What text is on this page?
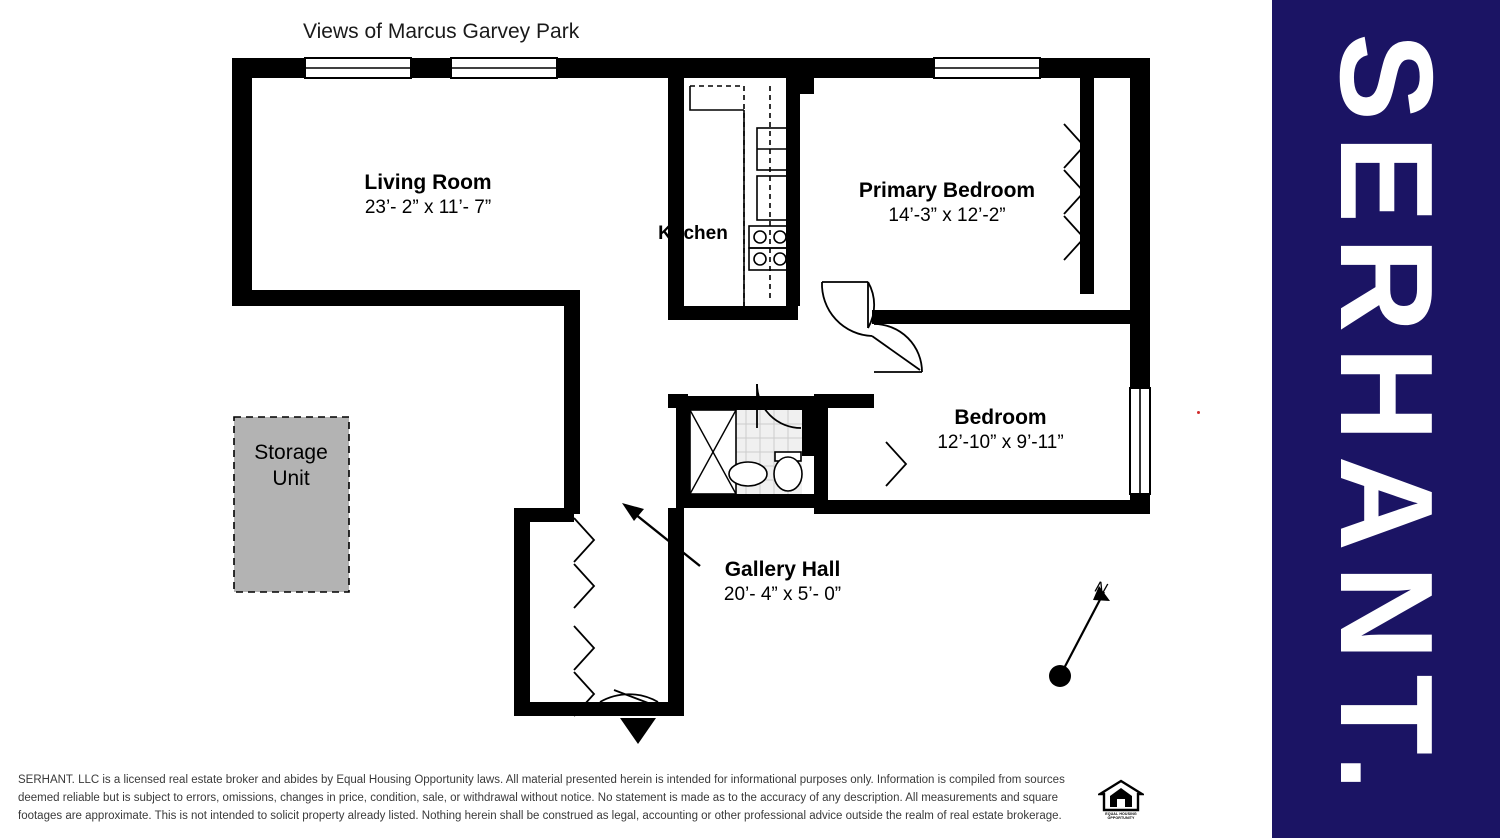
Views of Marcus Garvey Park
Living Room
23’- 2” x 11’- 7”
Kitchen
Primary Bedroom
14’-3” x 12’-2”
Bedroom
12’-10” x 9’-11”
Gallery Hall
20’- 4” x 5’- 0”
Storage
Unit
N
SERHANT. LLC is a licensed real estate broker and abides by Equal Housing Opportunity laws. All material presented herein is intended for informational purposes only. Information is compiled from sources deemed reliable but is subject to errors, omissions, changes in price, condition, sale, or withdrawal without notice. No statement is made as to the accuracy of any description. All measurements and square footages are approximate. This is not intended to solicit property already listed. Nothing herein shall be construed as legal, accounting or other professional advice outside the realm of real estate brokerage.	EQUAL HOUSING
OPPORTUNITY
SERHANT.
